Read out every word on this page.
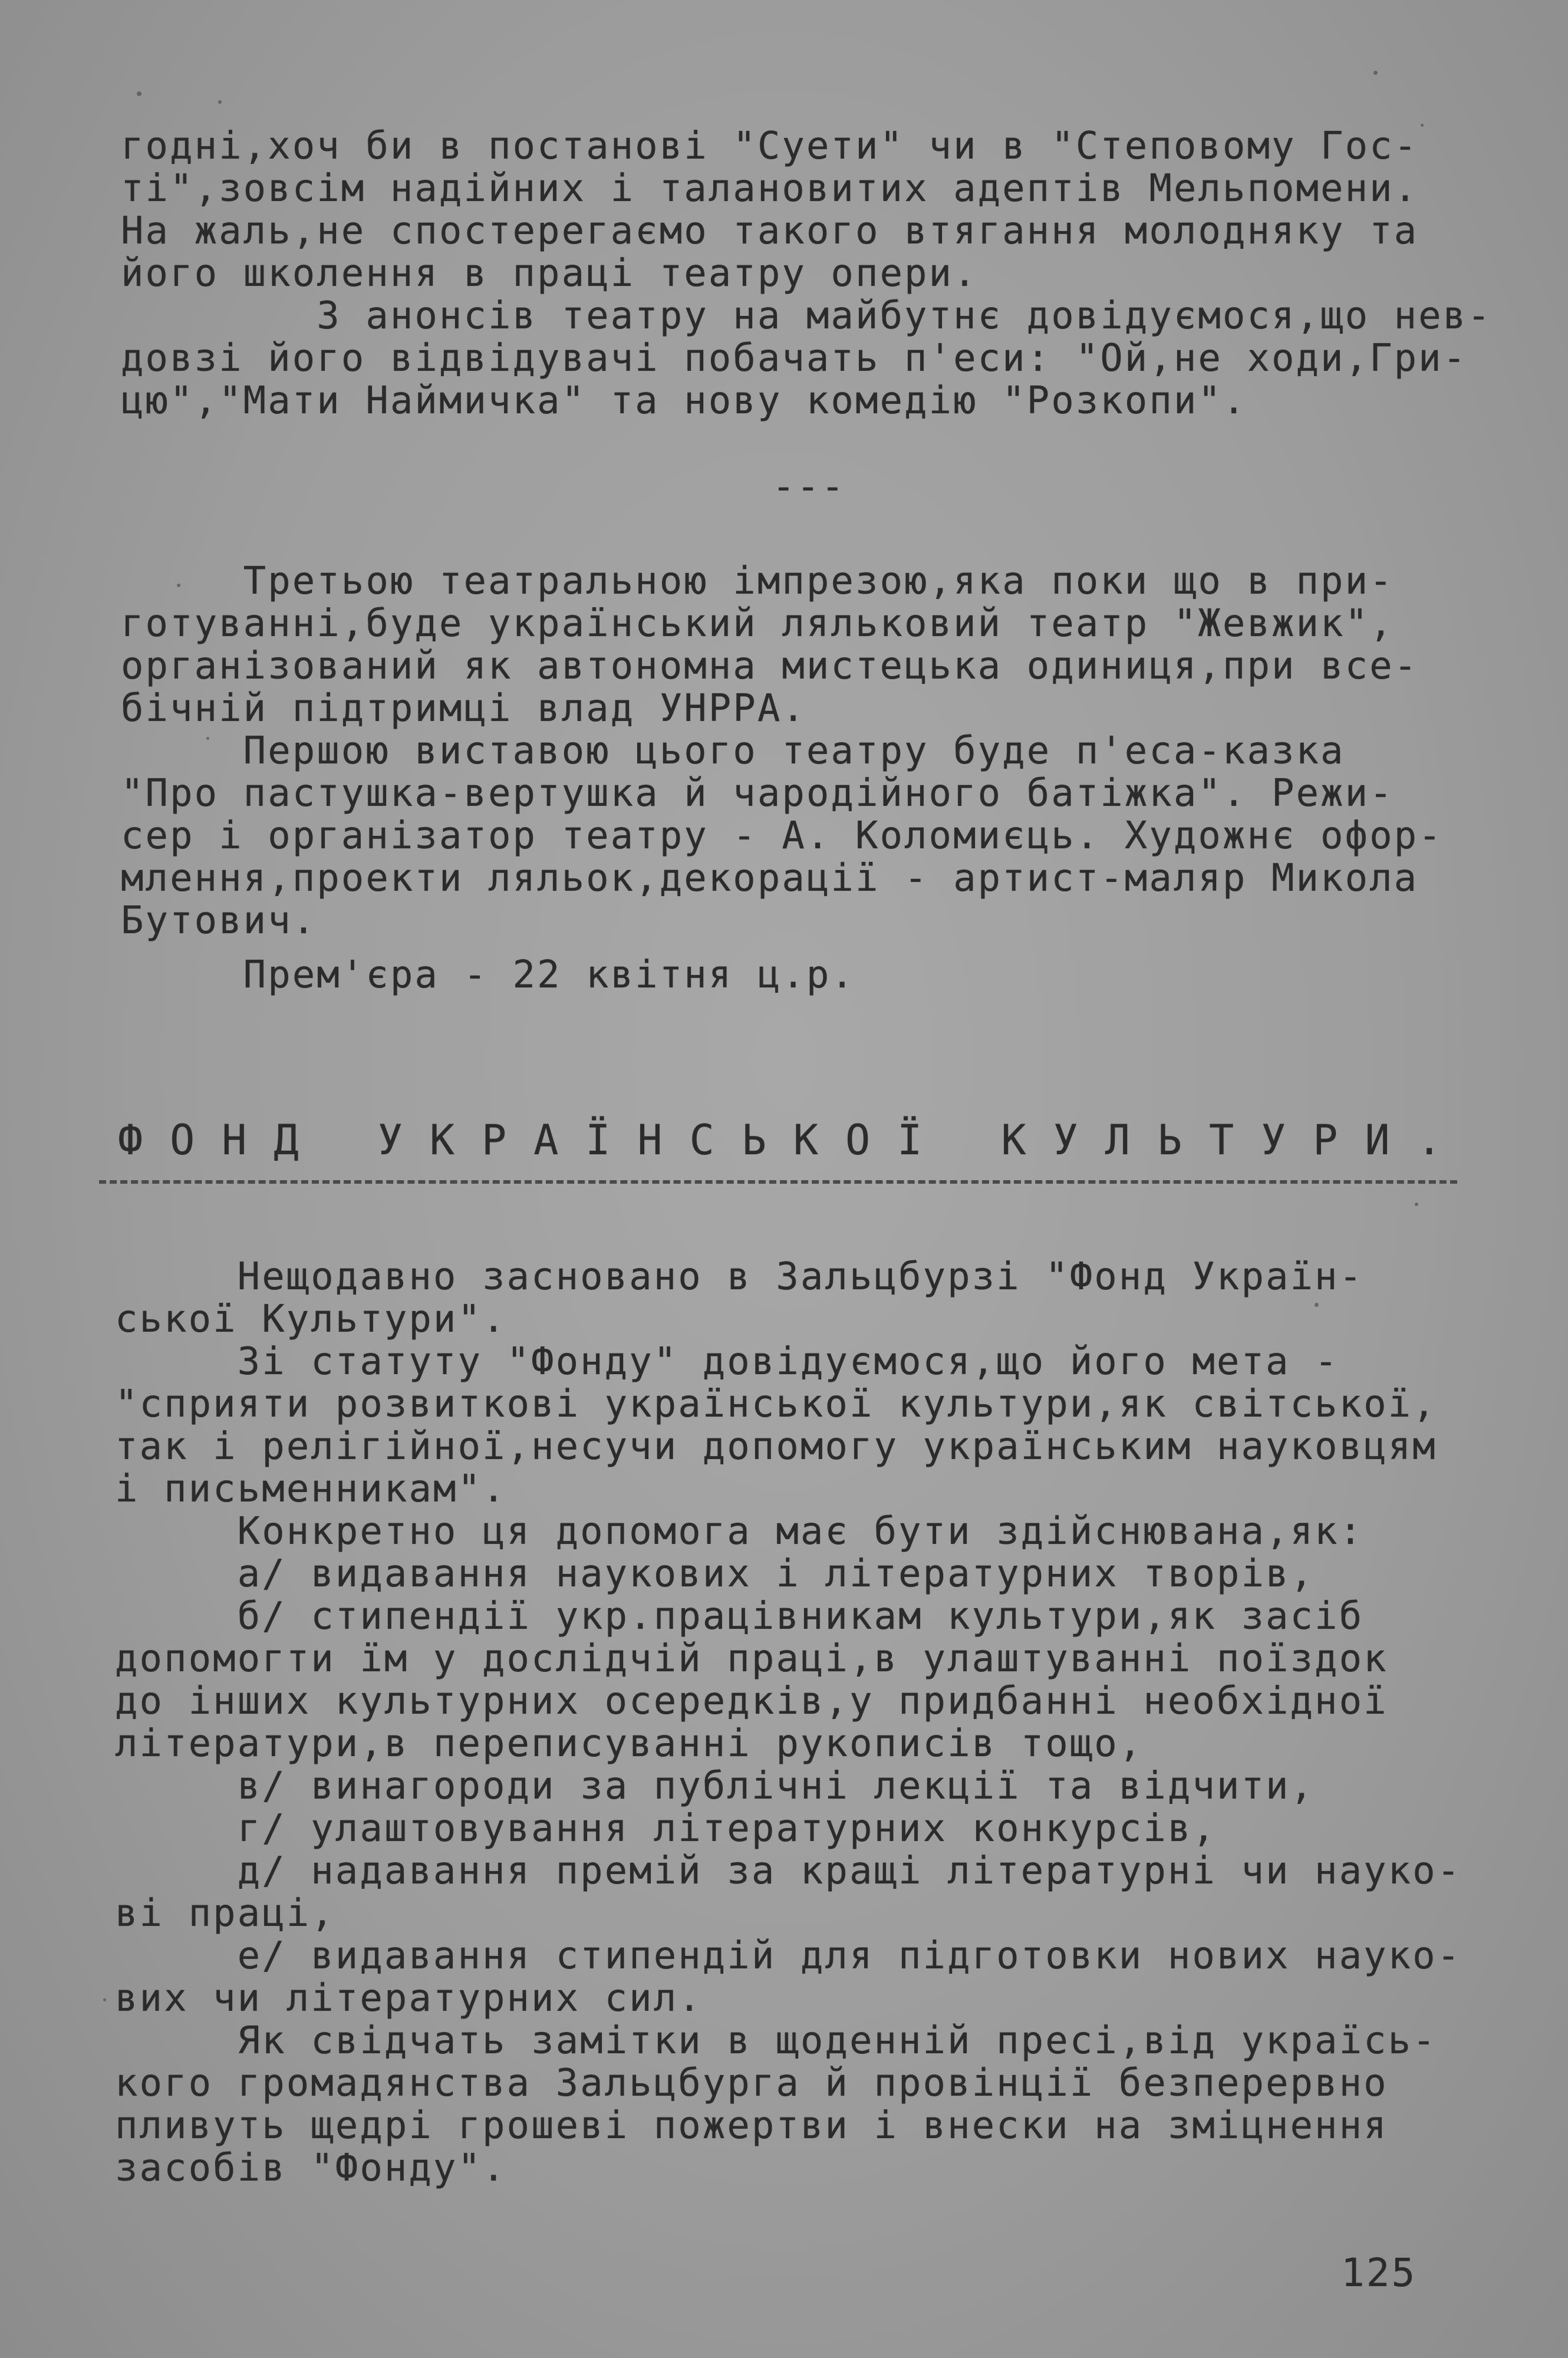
годні,хоч би в постанові "Суети" чи в "Степовому Гос-
ті",зовсім надійних і талановитих адептів Мельпомени.
На жаль,не спостерегаємо такого втягання молодняку та
його школення в праці театру опери.
З анонсів театру на майбутнє довідуємося,що нев-
довзі його відвідувачі побачать п'еси: "Ой,не ходи,Гри-
цю","Мати Наймичка" та нову комедію "Розкопи".
---
Третьою театральною імпрезою,яка поки що в при-
готуванні,буде український ляльковий театр "Жевжик",
організований як автономна мистецька одиниця,при все-
бічній підтримці влад УНРРА.
Першою виставою цього театру буде п'еса-казка
"Про пастушка-вертушка й чародійного батіжка". Режи-
сер і організатор театру - А. Коломиєць. Художнє офор-
млення,проекти ляльок,декорації - артист-маляр Микола
Бутович.
Прем'єра - 22 квітня ц.р.
ФОНД УКРАЇНСЬКОЇ КУЛЬТУРИ.
Нещодавно засновано в Зальцбурзі "Фонд Україн-
ської Культури".
Зі статуту "Фонду" довідуємося,що його мета -
"сприяти розвиткові української культури,як світської,
так і релігійної,несучи допомогу українським науковцям
і письменникам".
Конкретно ця допомога має бути здійснювана,як:
а/ видавання наукових і літературних творів,
б/ стипендії укр.працівникам культури,як засіб
допомогти їм у дослідчій праці,в улаштуванні поїздок
до інших культурних осередків,у придбанні необхідної
літератури,в переписуванні рукописів тощо,
в/ винагороди за публічні лекції та відчити,
г/ улаштовування літературних конкурсів,
д/ надавання премій за кращі літературні чи науко-
ві праці,
е/ видавання стипендій для підготовки нових науко-
вих чи літературних сил.
Як свідчать замітки в щоденній пресі,від україсь-
кого громадянства Зальцбурга й провінції безперервно
пливуть щедрі грошеві пожертви і внески на зміцнення
засобів "Фонду".
125
